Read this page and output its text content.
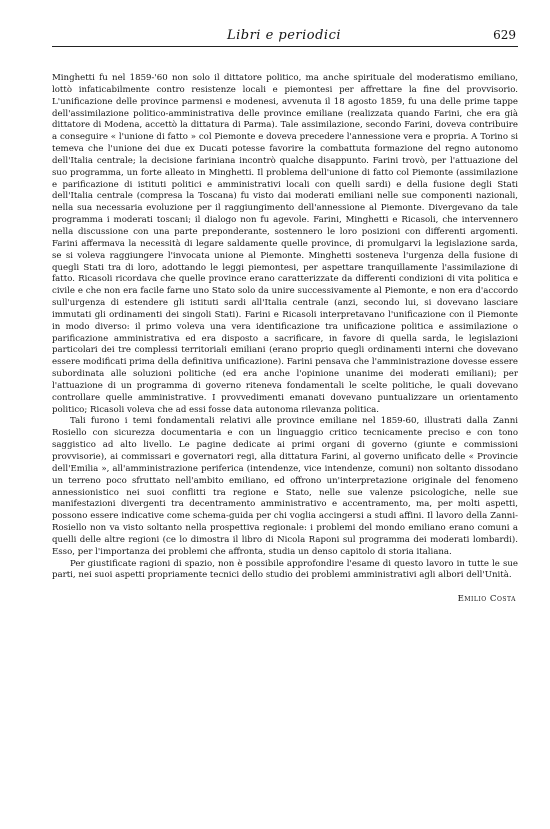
Libri e periodici	629

Minghetti fu nel 1859-'60 non solo il dittatore politico, ma anche spirituale del moderatismo emiliano, lottò infaticabilmente contro resistenze locali e piemontesi per affrettare la fine del provvisorio. L'unificazione delle province parmensi e modenesi, avvenuta il 18 agosto 1859, fu una delle prime tappe dell'assimilazione politico-amministrativa delle province emiliane (realizzata quando Farini, che era già dittatore di Modena, accettò la dittatura di Parma). Tale assimilazione, secondo Farini, doveva contribuire a conseguire « l'unione di fatto » col Piemonte e doveva precedere l'annessione vera e propria. A Torino si temeva che l'unione dei due ex Ducati potesse favorire la combattuta formazione del regno autonomo dell'Italia centrale; la decisione fariniana incontrò qualche disappunto. Farini trovò, per l'attuazione del suo programma, un forte alleato in Minghetti. Il problema dell'unione di fatto col Piemonte (assimilazione e parificazione di istituti politici e amministrativi locali con quelli sardi) e della fusione degli Stati dell'Italia centrale (compresa la Toscana) fu visto dai moderati emiliani nelle sue componenti nazionali, nella sua necessaria evoluzione per il raggiungimento dell'annessione al Piemonte. Divergevano da tale programma i moderati toscani; il dialogo non fu agevole. Farini, Minghetti e Ricasoli, che intervennero nella discussione con una parte preponderante, sostennero le loro posizioni con differenti argomenti. Farini affermava la necessità di legare saldamente quelle province, di promulgarvi la legislazione sarda, se si voleva raggiungere l'invocata unione al Piemonte. Minghetti sosteneva l'urgenza della fusione di quegli Stati tra di loro, adottando le leggi piemontesi, per aspettare tranquillamente l'assimilazione di fatto. Ricasoli ricordava che quelle province erano caratterizzate da differenti condizioni di vita politica e civile e che non era facile farne uno Stato solo da unire successivamente al Piemonte, e non era d'accordo sull'urgenza di estendere gli istituti sardi all'Italia centrale (anzi, secondo lui, si dovevano lasciare immutati gli ordinamenti dei singoli Stati). Farini e Ricasoli interpretavano l'unificazione con il Piemonte in modo diverso: il primo voleva una vera identificazione tra unificazione politica e assimilazione o parificazione amministrativa ed era disposto a sacrificare, in favore di quella sarda, le legislazioni particolari dei tre complessi territoriali emiliani (erano proprio quegli ordinamenti interni che dovevano essere modificati prima della definitiva unificazione). Farini pensava che l'amministrazione dovesse essere subordinata alle soluzioni politiche (ed era anche l'opinione unanime dei moderati emiliani); per l'attuazione di un programma di governo riteneva fondamentali le scelte politiche, le quali dovevano controllare quelle amministrative. I provvedimenti emanati dovevano puntualizzare un orientamento politico; Ricasoli voleva che ad essi fosse data autonoma rilevanza politica.

Tali furono i temi fondamentali relativi alle province emiliane nel 1859-60, illustrati dalla Zanni Rosiello con sicurezza documentaria e con un linguaggio critico tecnicamente preciso e con tono saggistico ad alto livello. Le pagine dedicate ai primi organi di governo (giunte e commissioni provvisorie), ai commissari e governatori regi, alla dittatura Farini, al governo unificato delle « Provincie dell'Emilia », all'amministrazione periferica (intendenze, vice intendenze, comuni) non soltanto dissodano un terreno poco sfruttato nell'ambito emiliano, ed offrono un'interpretazione originale del fenomeno annessionistico nei suoi conflitti tra regione e Stato, nelle sue valenze psicologiche, nelle sue manifestazioni divergenti tra decentramento amministrativo e accentramento, ma, per molti aspetti, possono essere indicative come schema-guida per chi voglia accingersi a studi affini. Il lavoro della Zanni-Rosiello non va visto soltanto nella prospettiva regionale: i problemi del mondo emiliano erano comuni a quelli delle altre regioni (ce lo dimostra il libro di Nicola Raponi sul programma dei moderati lombardi). Esso, per l'importanza dei problemi che affronta, studia un denso capitolo di storia italiana.

Per giustificate ragioni di spazio, non è possibile approfondire l'esame di questo lavoro in tutte le sue parti, nei suoi aspetti propriamente tecnici dello studio dei problemi amministrativi agli albori dell'Unità.

Emilio Costa
